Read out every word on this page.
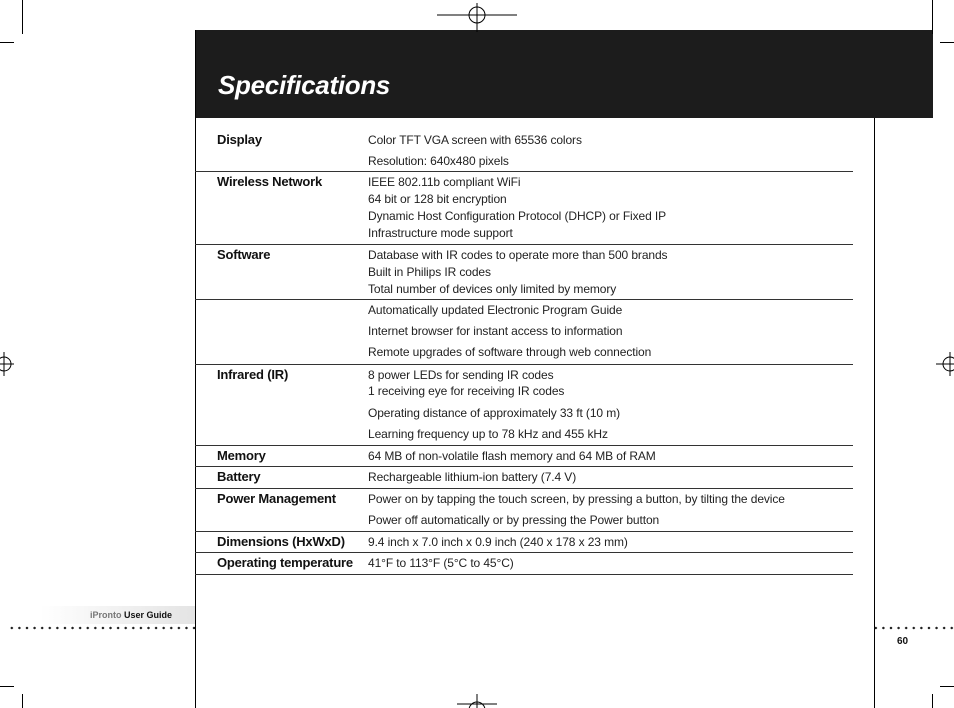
Specifications
Display	Color TFT VGA screen with 65536 colors
Resolution: 640x480 pixels
Wireless Network	IEEE 802.11b compliant WiFi
64 bit or 128 bit encryption
Dynamic Host Configuration Protocol (DHCP) or Fixed IP
Infrastructure mode support
Software	Database with IR codes to operate more than 500 brands
Built in Philips IR codes
Total number of devices only limited by memory
Automatically updated Electronic Program Guide
Internet browser for instant access to information
Remote upgrades of software through web connection
Infrared (IR)	8 power LEDs for sending IR codes
1 receiving eye for receiving IR codes
Operating distance of approximately 33 ft (10 m)
Learning frequency up to 78 kHz and 455 kHz
Memory	64 MB of non-volatile flash memory and 64 MB of RAM
Battery	Rechargeable lithium-ion battery (7.4 V)
Power Management	Power on by tapping the touch screen, by pressing a button, by tilting the device
Power off automatically or by pressing the Power button
Dimensions (HxWxD) 9.4 inch x 7.0 inch x 0.9 inch (240 x 178 x 23 mm)
Operating temperature 41°F to 113°F (5°C to 45°C)
iPronto User Guide
60
